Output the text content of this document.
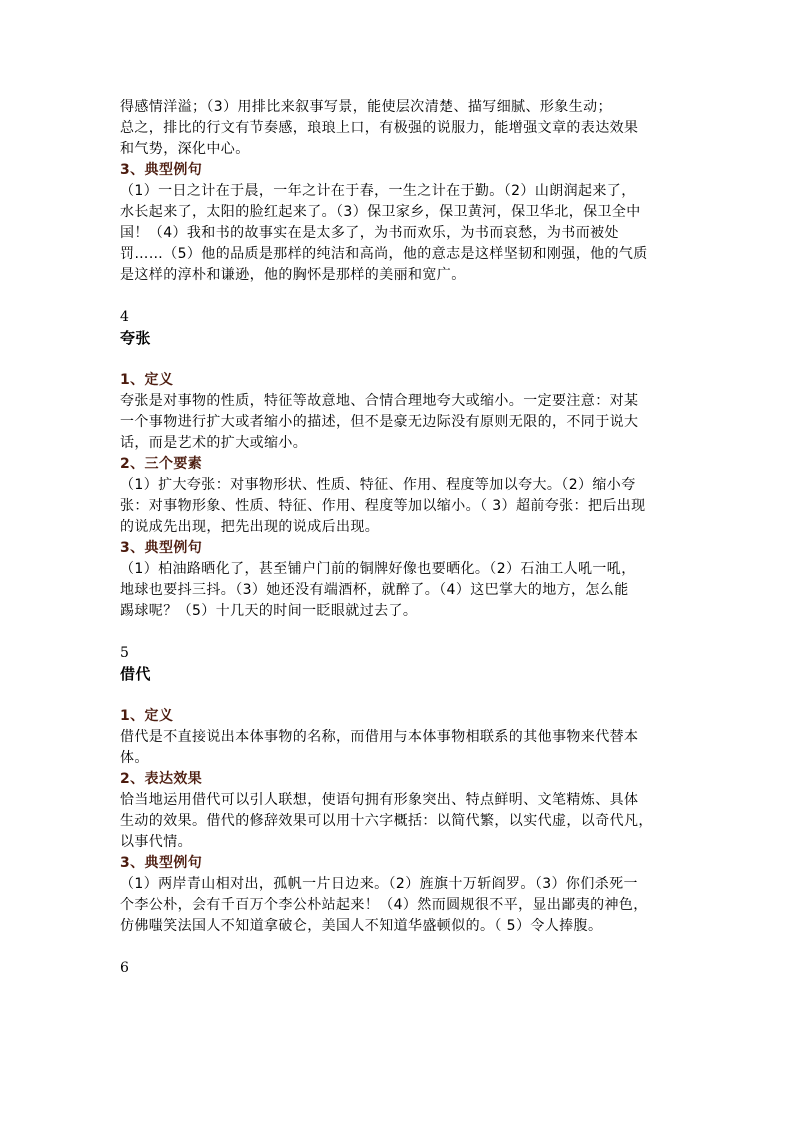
得感情洋溢；（3）用排比来叙事写景，能使层次清楚、描写细腻、形象生动；

总之，排比的行文有节奏感，琅琅上口，有极强的说服力，能增强文章的表达效果

和气势，深化中心。

3、典型例句

（1）一日之计在于晨，一年之计在于春，一生之计在于勤。（2）山朗润起来了，

水长起来了，太阳的脸红起来了。（3）保卫家乡，保卫黄河，保卫华北，保卫全中

国！（4）我和书的故事实在是太多了，为书而欢乐，为书而哀愁，为书而被处

罚……（5）他的品质是那样的纯洁和高尚，他的意志是这样坚韧和刚强，他的气质

是这样的淳朴和谦逊，他的胸怀是那样的美丽和宽广。

4

夸张

1、定义

夸张是对事物的性质，特征等故意地、合情合理地夸大或缩小。一定要注意：对某

一个事物进行扩大或者缩小的描述，但不是豪无边际没有原则无限的，不同于说大

话，而是艺术的扩大或缩小。

2、三个要素

（1）扩大夸张：对事物形状、性质、特征、作用、程度等加以夸大。（2）缩小夸

张：对事物形象、性质、特征、作用、程度等加以缩小。（ 3）超前夸张：把后出现

的说成先出现，把先出现的说成后出现。

3、典型例句

（1）柏油路晒化了，甚至铺户门前的铜牌好像也要晒化。（2）石油工人吼一吼，

地球也要抖三抖。（3）她还没有端酒杯，就醉了。（4）这巴掌大的地方，怎么能

踢球呢？（5）十几天的时间一眨眼就过去了。

5

借代

1、定义

借代是不直接说出本体事物的名称，而借用与本体事物相联系的其他事物来代替本

体。

2、表达效果

恰当地运用借代可以引人联想，使语句拥有形象突出、特点鲜明、文笔精炼、具体

生动的效果。借代的修辞效果可以用十六字概括：以简代繁，以实代虚，以奇代凡，

以事代情。

3、典型例句

（1）两岸青山相对出，孤帆一片日边来。（2）旌旗十万斩阎罗。（3）你们杀死一

个李公朴，会有千百万个李公朴站起来！（4）然而圆规很不平，显出鄙夷的神色，

仿佛嗤笑法国人不知道拿破仑，美国人不知道华盛顿似的。（ 5）令人捧腹。

6
